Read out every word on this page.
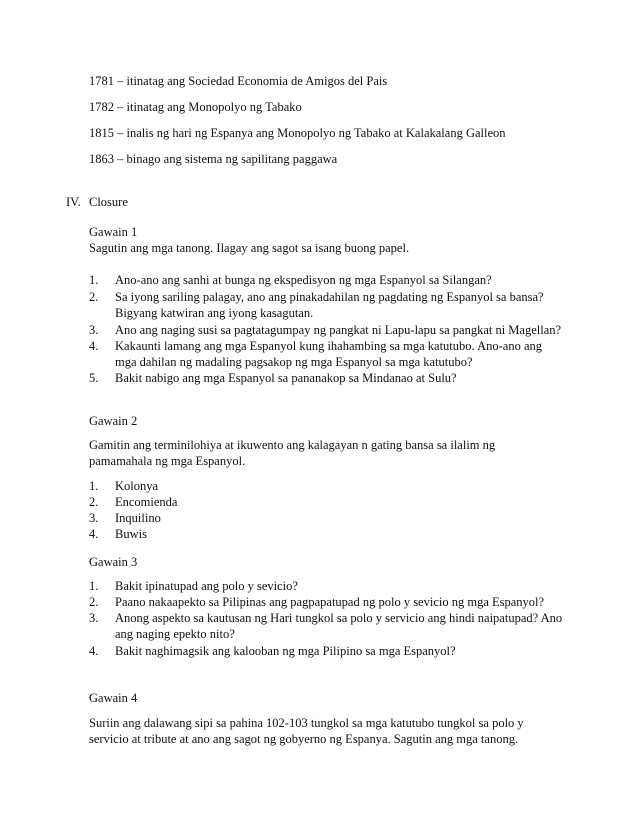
1781 – itinatag ang Sociedad Economia de Amigos del Pais
1782 – itinatag ang Monopolyo ng Tabako
1815 – inalis ng hari ng Espanya ang Monopolyo ng Tabako at Kalakalang Galleon
1863 – binago ang sistema ng sapilitang paggawa
IV. Closure
Gawain 1
Sagutin ang mga tanong. Ilagay ang sagot sa isang buong papel.
1. Ano-ano ang sanhi at bunga ng ekspedisyon ng mga Espanyol sa Silangan?
2. Sa iyong sariling palagay, ano ang pinakadahilan ng pagdating ng Espanyol sa bansa?
Bigyang katwiran ang iyong kasagutan.
3. Ano ang naging susi sa pagtatagumpay ng pangkat ni Lapu-lapu sa pangkat ni Magellan?
4. Kakaunti lamang ang mga Espanyol kung ihahambing sa mga katutubo. Ano-ano ang
mga dahilan ng madaling pagsakop ng mga Espanyol sa mga katutubo?
5. Bakit nabigo ang mga Espanyol sa pananakop sa Mindanao at Sulu?
Gawain 2
Gamitin ang terminilohiya at ikuwento ang kalagayan n gating bansa sa ilalim ng
pamamahala ng mga Espanyol.
1. Kolonya
2. Encomienda
3. Inquilino
4. Buwis
Gawain 3
1. Bakit ipinatupad ang polo y sevicio?
2. Paano nakaapekto sa Pilipinas ang pagpapatupad ng polo y sevicio ng mga Espanyol?
3. Anong aspekto sa kautusan ng Hari tungkol sa polo y servicio ang hindi naipatupad? Ano
ang naging epekto nito?
4. Bakit naghimagsik ang kalooban ng mga Pilipino sa mga Espanyol?
Gawain 4
Suriin ang dalawang sipi sa pahina 102-103 tungkol sa mga katutubo tungkol sa polo y
servicio at tribute at ano ang sagot ng gobyerno ng Espanya. Sagutin ang mga tanong.
